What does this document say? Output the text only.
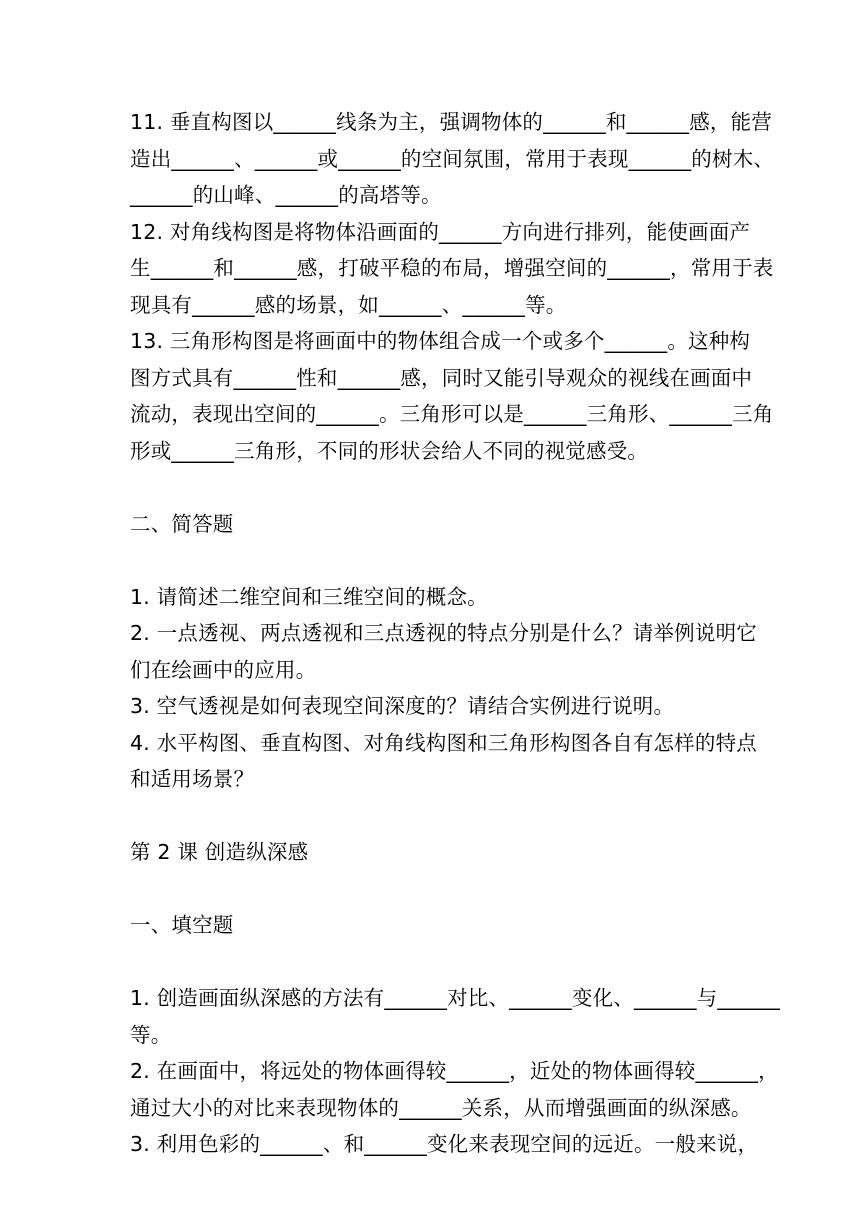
11. 垂直构图以______线条为主，强调物体的______和______感，能营
造出______、______或______的空间氛围，常用于表现______的树木、
______的山峰、______的高塔等。
12. 对角线构图是将物体沿画面的______方向进行排列，能使画面产
生______和______感，打破平稳的布局，增强空间的______，常用于表
现具有______感的场景，如______、______等。
13. 三角形构图是将画面中的物体组合成一个或多个______。这种构
图方式具有______性和______感，同时又能引导观众的视线在画面中
流动，表现出空间的______。三角形可以是______三角形、______三角
形或______三角形，不同的形状会给人不同的视觉感受。
二、简答题
1. 请简述二维空间和三维空间的概念。
2. 一点透视、两点透视和三点透视的特点分别是什么？请举例说明它
们在绘画中的应用。
3. 空气透视是如何表现空间深度的？请结合实例进行说明。
4. 水平构图、垂直构图、对角线构图和三角形构图各自有怎样的特点
和适用场景？
第 2 课 创造纵深感
一、填空题
1. 创造画面纵深感的方法有______对比、______变化、______与______
等。
2. 在画面中，将远处的物体画得较______，近处的物体画得较______，
通过大小的对比来表现物体的______关系，从而增强画面的纵深感。
3. 利用色彩的______、和______变化来表现空间的远近。一般来说，
